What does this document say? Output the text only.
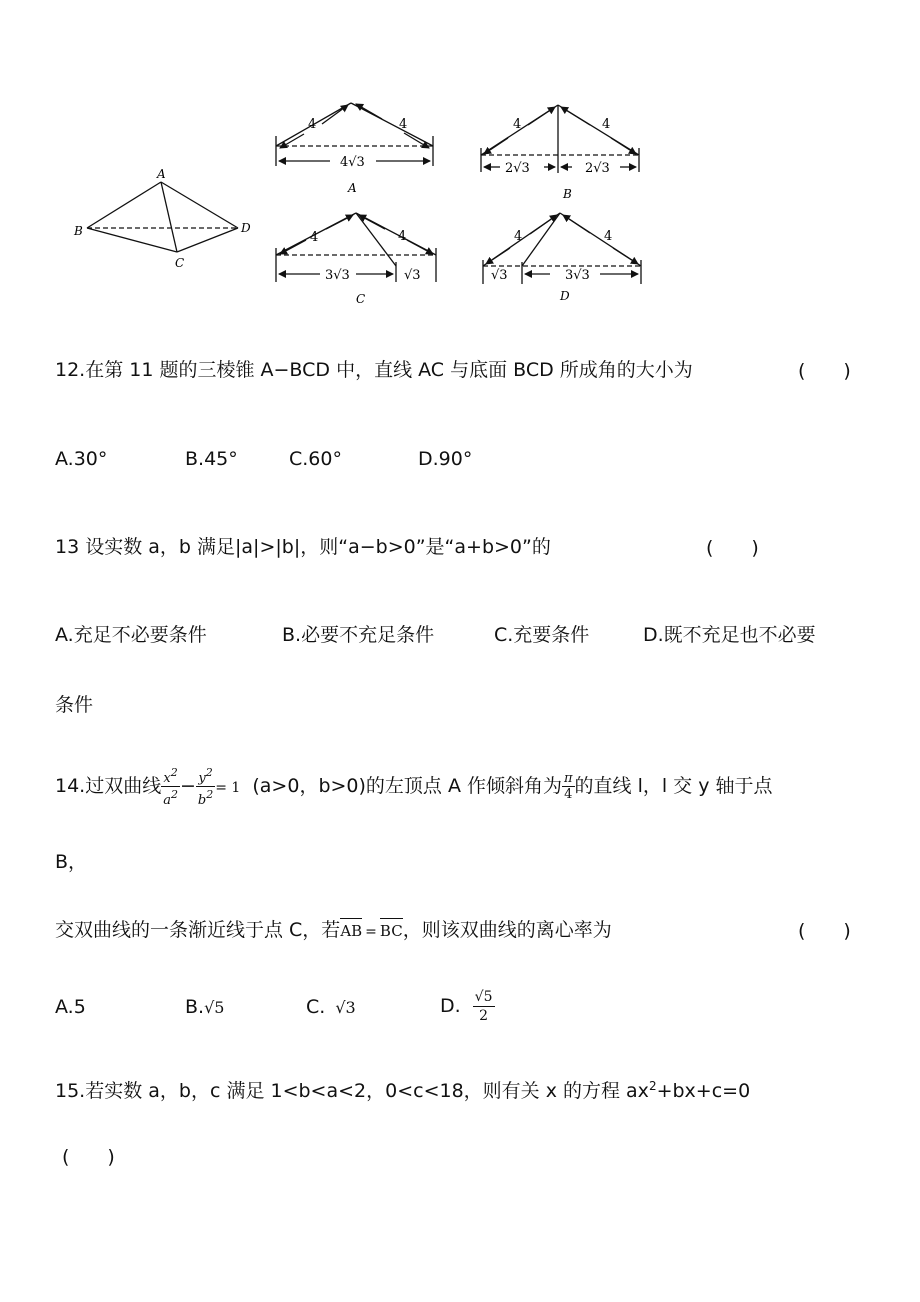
A
B
C
D
4	4
4√3
A
4	4
2√3	2√3
B
4	4
3√3	√3
C
4	4
√3	3√3
D
12.在第 11 题的三棱锥 A−BCD 中，直线 AC 与底面 BCD 所成角的大小为	(　　)
A.30°	B.45°	C.60°	D.90°
13 设实数 a，b 满足|a|>|b|，则“a−b>0”是“a+b>0”的	(　　)
A.充足不必要条件	B.必要不充足条件	C.充要条件	D.既不充足也不必要
条件
14.过双曲线 $\frac{x^2}{a^2} - \frac{y^2}{b^2} = 1$ (a>0，b>0)的左顶点 A 作倾斜角为 $\frac{\pi}{4}$ 的直线 l，l 交 y 轴于点
B，
交双曲线的一条渐近线于点 C，若
AB = BC，则该双曲线的离心率为	(　　)
A.5	B.√5	C. √3	D. $\frac{√5}{2}$
15.若实数 a，b，c 满足 1<b<a<2，0<c<18，则有关 x 的方程 $ax^2+bx+c=0$
(　　)
